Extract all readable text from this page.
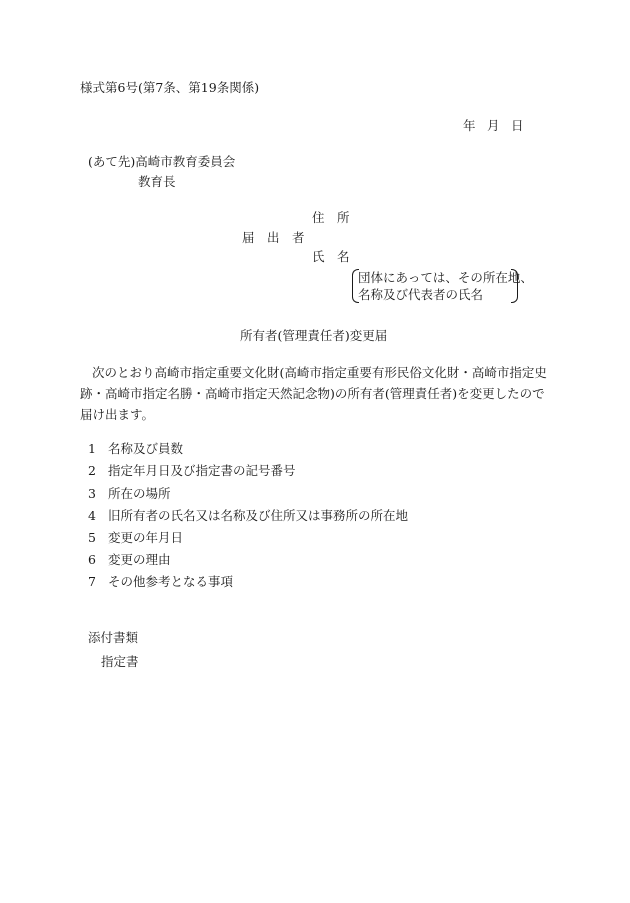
様式第6号(第7条、第19条関係)
年 月 日
(あて先)高崎市教育委員会
教育長
住　所
届　出　者
氏　名
団体にあっては、その所在地、
名称及び代表者の氏名
所有者(管理責任者)変更届
次のとおり高崎市指定重要文化財(高崎市指定重要有形民俗文化財・高崎市指定史跡・高崎市指定名勝・高崎市指定天然記念物)の所有者(管理責任者)を変更したので届け出ます。
1 名称及び員数
2 指定年月日及び指定書の記号番号
3 所在の場所
4 旧所有者の氏名又は名称及び住所又は事務所の所在地
5 変更の年月日
6 変更の理由
7 その他参考となる事項
添付書類
指定書
